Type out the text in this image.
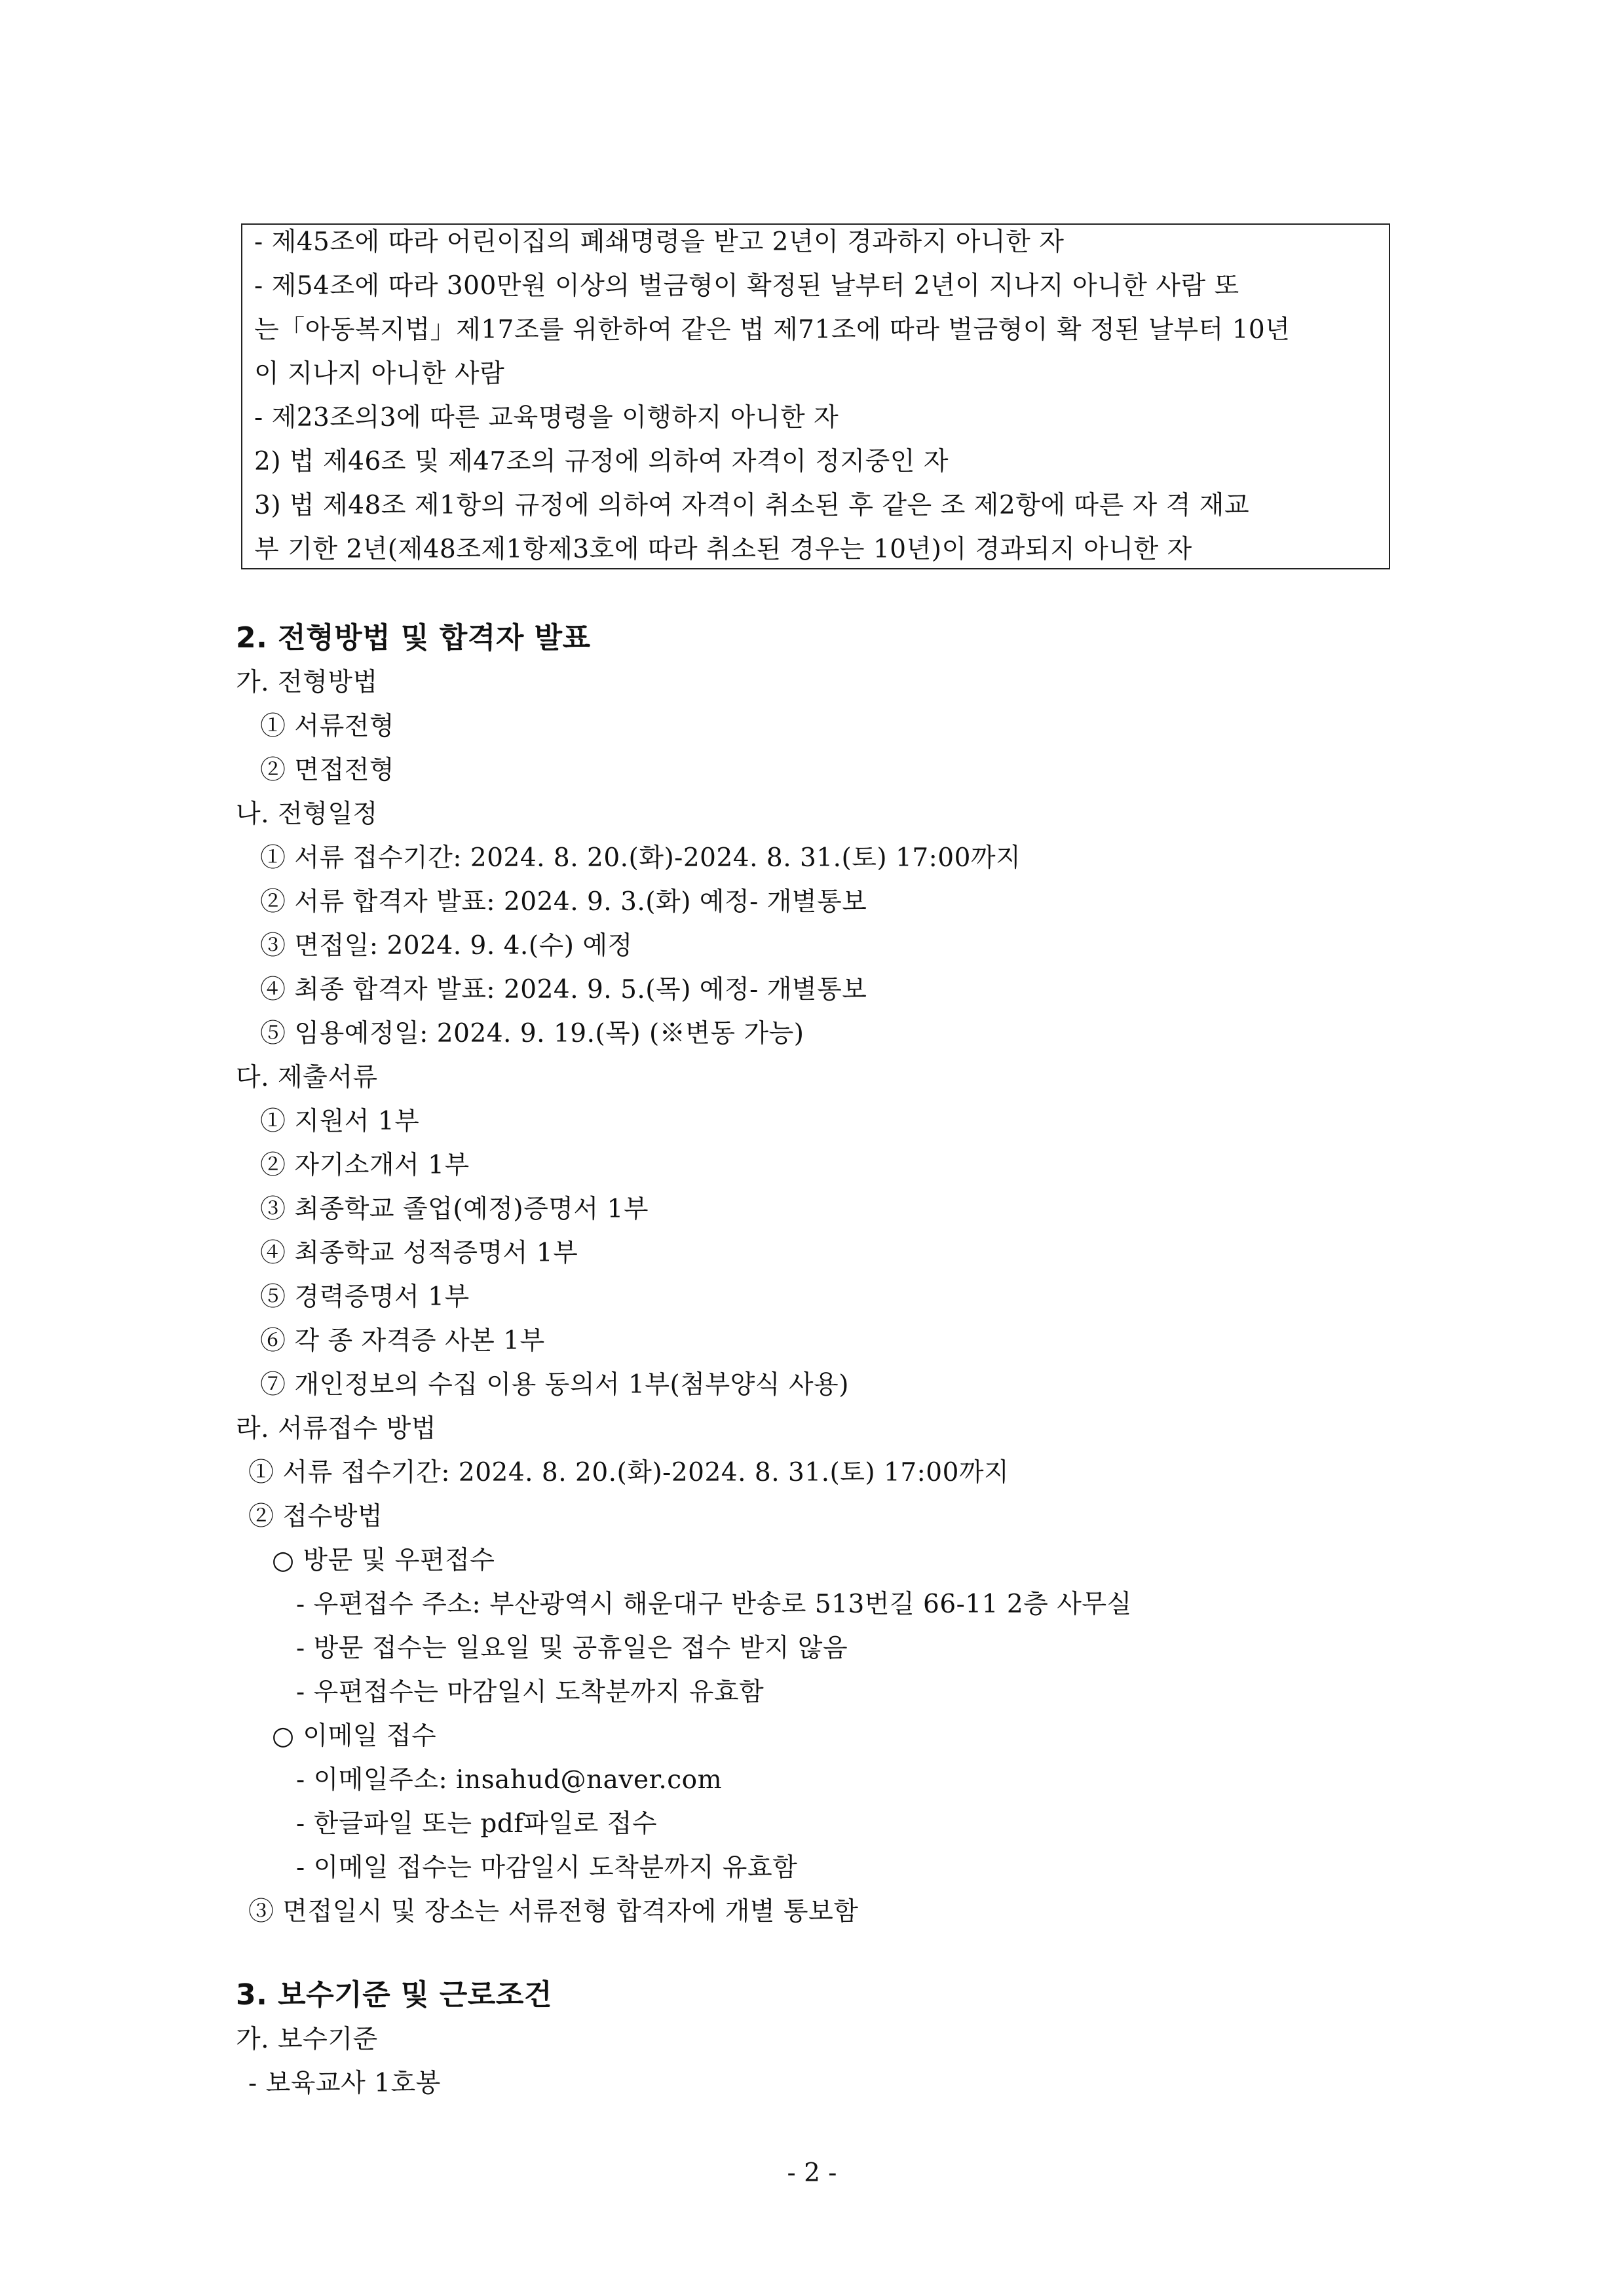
- 제45조에 따라 어린이집의 폐쇄명령을 받고 2년이 경과하지 아니한 자
- 제54조에 따라 300만원 이상의 벌금형이 확정된 날부터 2년이 지나지 아니한 사람 또
는「아동복지법」제17조를 위한하여 같은 법 제71조에 따라 벌금형이 확 정된 날부터 10년
이 지나지 아니한 사람
- 제23조의3에 따른 교육명령을 이행하지 아니한 자
2) 법 제46조 및 제47조의 규정에 의하여 자격이 정지중인 자
3) 법 제48조 제1항의 규정에 의하여 자격이 취소된 후 같은 조 제2항에 따른 자 격 재교
부 기한 2년(제48조제1항제3호에 따라 취소된 경우는 10년)이 경과되지 아니한 자
2. 전형방법 및 합격자 발표
가. 전형방법
① 서류전형
② 면접전형
나. 전형일정
① 서류 접수기간: 2024. 8. 20.(화)-2024. 8. 31.(토) 17:00까지
② 서류 합격자 발표: 2024. 9. 3.(화) 예정- 개별통보
③ 면접일: 2024. 9. 4.(수) 예정
④ 최종 합격자 발표: 2024. 9. 5.(목) 예정- 개별통보
⑤ 임용예정일: 2024. 9. 19.(목) (※변동 가능)
다. 제출서류
① 지원서 1부
② 자기소개서 1부
③ 최종학교 졸업(예정)증명서 1부
④ 최종학교 성적증명서 1부
⑤ 경력증명서 1부
⑥ 각 종 자격증 사본 1부
⑦ 개인정보의 수집 이용 동의서 1부(첨부양식 사용)
라. 서류접수 방법
① 서류 접수기간: 2024. 8. 20.(화)-2024. 8. 31.(토) 17:00까지
② 접수방법
○ 방문 및 우편접수
- 우편접수 주소: 부산광역시 해운대구 반송로 513번길 66-11 2층 사무실
- 방문 접수는 일요일 및 공휴일은 접수 받지 않음
- 우편접수는 마감일시 도착분까지 유효함
○ 이메일 접수
- 이메일주소: insahud@naver.com
- 한글파일 또는 pdf파일로 접수
- 이메일 접수는 마감일시 도착분까지 유효함
③ 면접일시 및 장소는 서류전형 합격자에 개별 통보함
3. 보수기준 및 근로조건
가. 보수기준
- 보육교사 1호봉
- 2 -
